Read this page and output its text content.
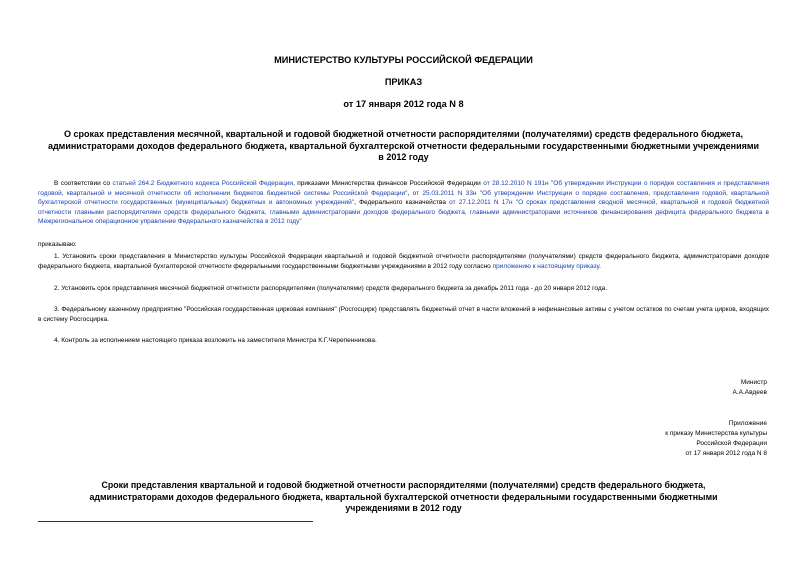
МИНИСТЕРСТВО КУЛЬТУРЫ РОССИЙСКОЙ ФЕДЕРАЦИИ
ПРИКАЗ
от 17 января 2012 года N 8
О сроках представления месячной, квартальной и годовой бюджетной отчетности распорядителями (получателями) средств федерального бюджета, администраторами доходов федерального бюджета, квартальной бухгалтерской отчетности федеральными государственными бюджетными учреждениями в 2012 году
В соответствии со статьей 264.2 Бюджетного кодекса Российской Федерации, приказами Министерства финансов Российской Федерации от 28.12.2010 N 191н "Об утверждении Инструкции о порядке составления и представления годовой, квартальной и месячной отчетности об исполнении бюджетов бюджетной системы Российской Федерации", от 25.03.2011 N 33н "Об утверждении Инструкции о порядке составления, представления годовой, квартальной бухгалтерской отчетности государственных (муниципальных) бюджетных и автономных учреждений", Федерального казначейства от 27.12.2011 N 17н "О сроках представления сводной месячной, квартальной и годовой бюджетной отчетности главными распорядителями средств федерального бюджета, главными администраторами доходов федерального бюджета, главными администраторами источников финансирования дефицита федерального бюджета в Межрегиональное операционное управление Федерального казначейства в 2012 году"
приказываю:
1. Установить сроки представления в Министерство культуры Российской Федерации квартальной и годовой бюджетной отчетности распорядителями (получателями) средств федерального бюджета, администраторами доходов федерального бюджета, квартальной бухгалтерской отчетности федеральными государственными бюджетными учреждениями в 2012 году согласно приложению к настоящему приказу.
2. Установить срок представления месячной бюджетной отчетности распорядителями (получателями) средств федерального бюджета за декабрь 2011 года - до 20 января 2012 года.
3. Федеральному казенному предприятию "Российская государственная цирковая компания" (Росгосцирк) представлять бюджетный отчет в части вложений в нефинансовые активы с учетом остатков по счетам учета цирков, входящих в систему Росгосцирка.
4. Контроль за исполнением настоящего приказа возложить на заместителя Министра К.Г.Черепенникова.
Министр
А.А.Авдеев
Приложение
к приказу Министерства культуры
Российской Федерации
от 17 января 2012 года N 8
Сроки представления квартальной и годовой бюджетной отчетности распорядителями (получателями) средств федерального бюджета, администраторами доходов федерального бюджета, квартальной бухгалтерской отчетности федеральными государственными бюджетными учреждениями в 2012 году
